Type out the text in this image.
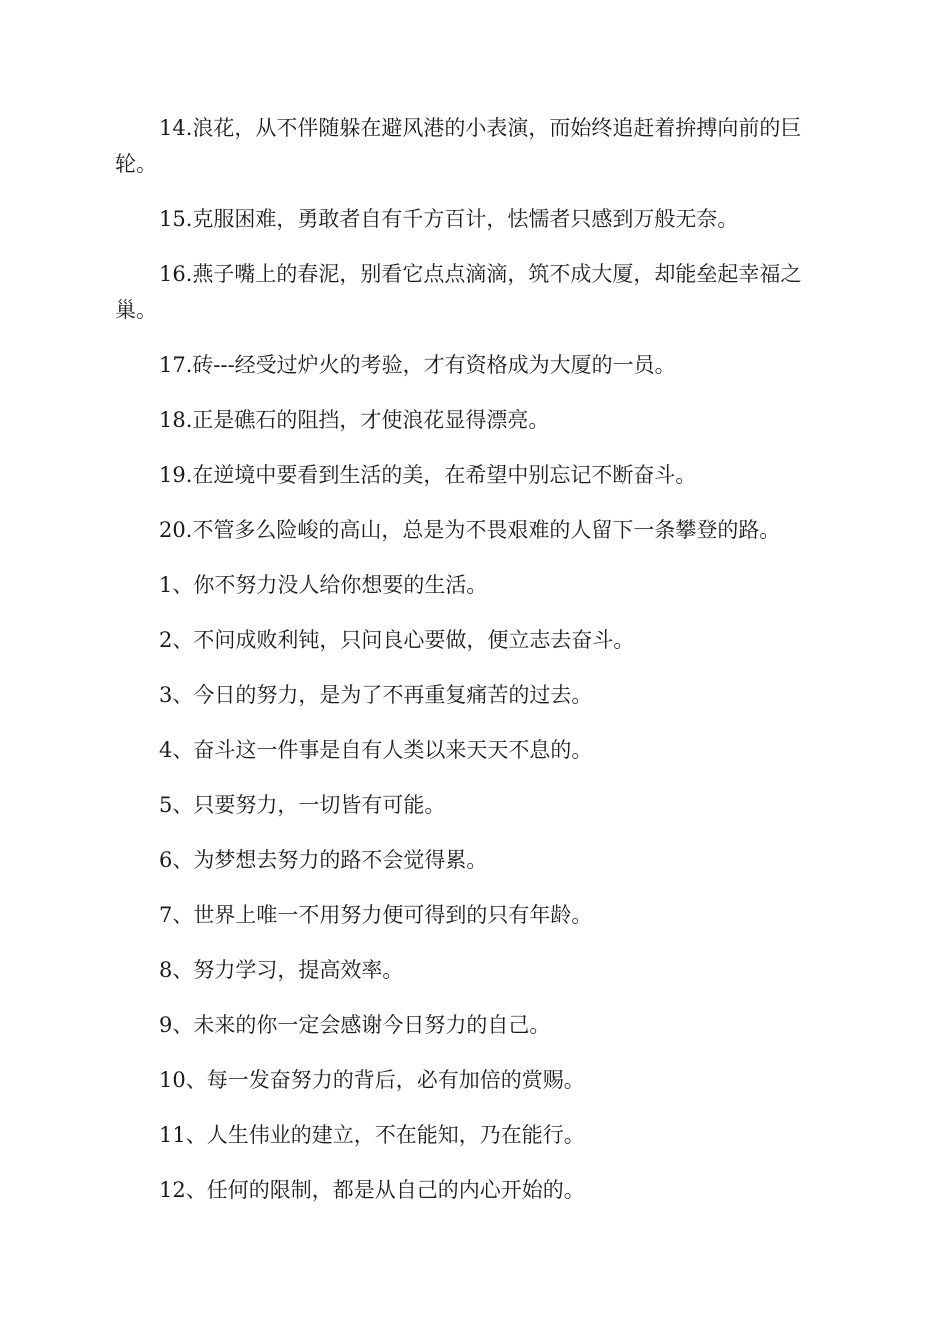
14.浪花，从不伴随躲在避风港的小表演，而始终追赶着拚搏向前的巨轮。

15.克服困难，勇敢者自有千方百计，怯懦者只感到万般无奈。

16.燕子嘴上的春泥，别看它点点滴滴，筑不成大厦，却能垒起幸福之巢。

17.砖---经受过炉火的考验，才有资格成为大厦的一员。

18.正是礁石的阻挡，才使浪花显得漂亮。

19.在逆境中要看到生活的美，在希望中别忘记不断奋斗。

20.不管多么险峻的高山，总是为不畏艰难的人留下一条攀登的路。

1、你不努力没人给你想要的生活。

2、不问成败利钝，只问良心要做，便立志去奋斗。

3、今日的努力，是为了不再重复痛苦的过去。

4、奋斗这一件事是自有人类以来天天不息的。

5、只要努力，一切皆有可能。

6、为梦想去努力的路不会觉得累。

7、世界上唯一不用努力便可得到的只有年龄。

8、努力学习，提高效率。

9、未来的你一定会感谢今日努力的自己。

10、每一发奋努力的背后，必有加倍的赏赐。

11、人生伟业的建立，不在能知，乃在能行。

12、任何的限制，都是从自己的内心开始的。
